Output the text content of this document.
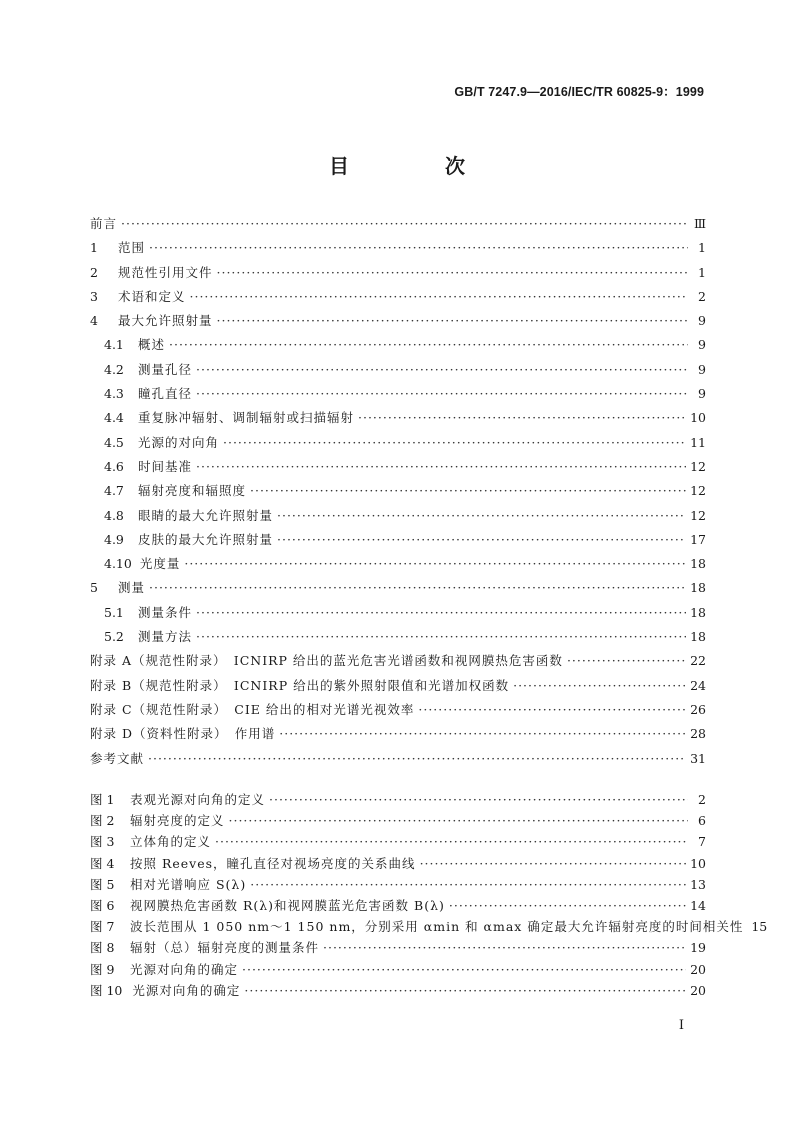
GB/T 7247.9—2016/IEC/TR 60825-9：1999
目　次
前言 ·····	Ⅲ
1	范围 ·····	1
2	规范性引用文件 ·····	1
3	术语和定义 ·····	2
4	最大允许照射量 ·····	9
4.1	概述 ·····	9
4.2	测量孔径 ·····	9
4.3	瞳孔直径 ·····	9
4.4	重复脉冲辐射、调制辐射或扫描辐射 ·····	10
4.5	光源的对向角 ·····	11
4.6	时间基准 ·····	12
4.7	辐射亮度和辐照度 ·····	12
4.8	眼睛的最大允许照射量 ·····	12
4.9	皮肤的最大允许照射量 ·····	17
4.10 光度量 ·····	18
5	测量 ·····	18
5.1	测量条件 ·····	18
5.2	测量方法 ·····	18
附录 A（规范性附录）　ICNIRP 给出的蓝光危害光谱函数和视网膜热危害函数 ·····	22
附录 B（规范性附录）　ICNIRP 给出的紫外照射限值和光谱加权函数 ·····	24
附录 C（规范性附录）　CIE 给出的相对光谱光视效率 ·····	26
附录 D（资料性附录）　作用谱 ·····	28
参考文献 ·····	31
图 1	表观光源对向角的定义 ·····	2
图 2	辐射亮度的定义 ·····	6
图 3	立体角的定义 ·····	7
图 4	按照 Reeves，瞳孔直径对视场亮度的关系曲线 ·····	10
图 5	相对光谱响应 S(λ) ·····	13
图 6	视网膜热危害函数 R(λ)和视网膜蓝光危害函数 B(λ) ·····	14
图 7	波长范围从 1 050 nm～1 150 nm，分别采用 αmin 和 αmax 确定最大允许辐射亮度的时间相关性 15
图 8	辐射（总）辐射亮度的测量条件 ·····	19
图 9	光源对向角的确定 ·····	20
图 10 光源对向角的确定 ·····	20
Ⅰ
